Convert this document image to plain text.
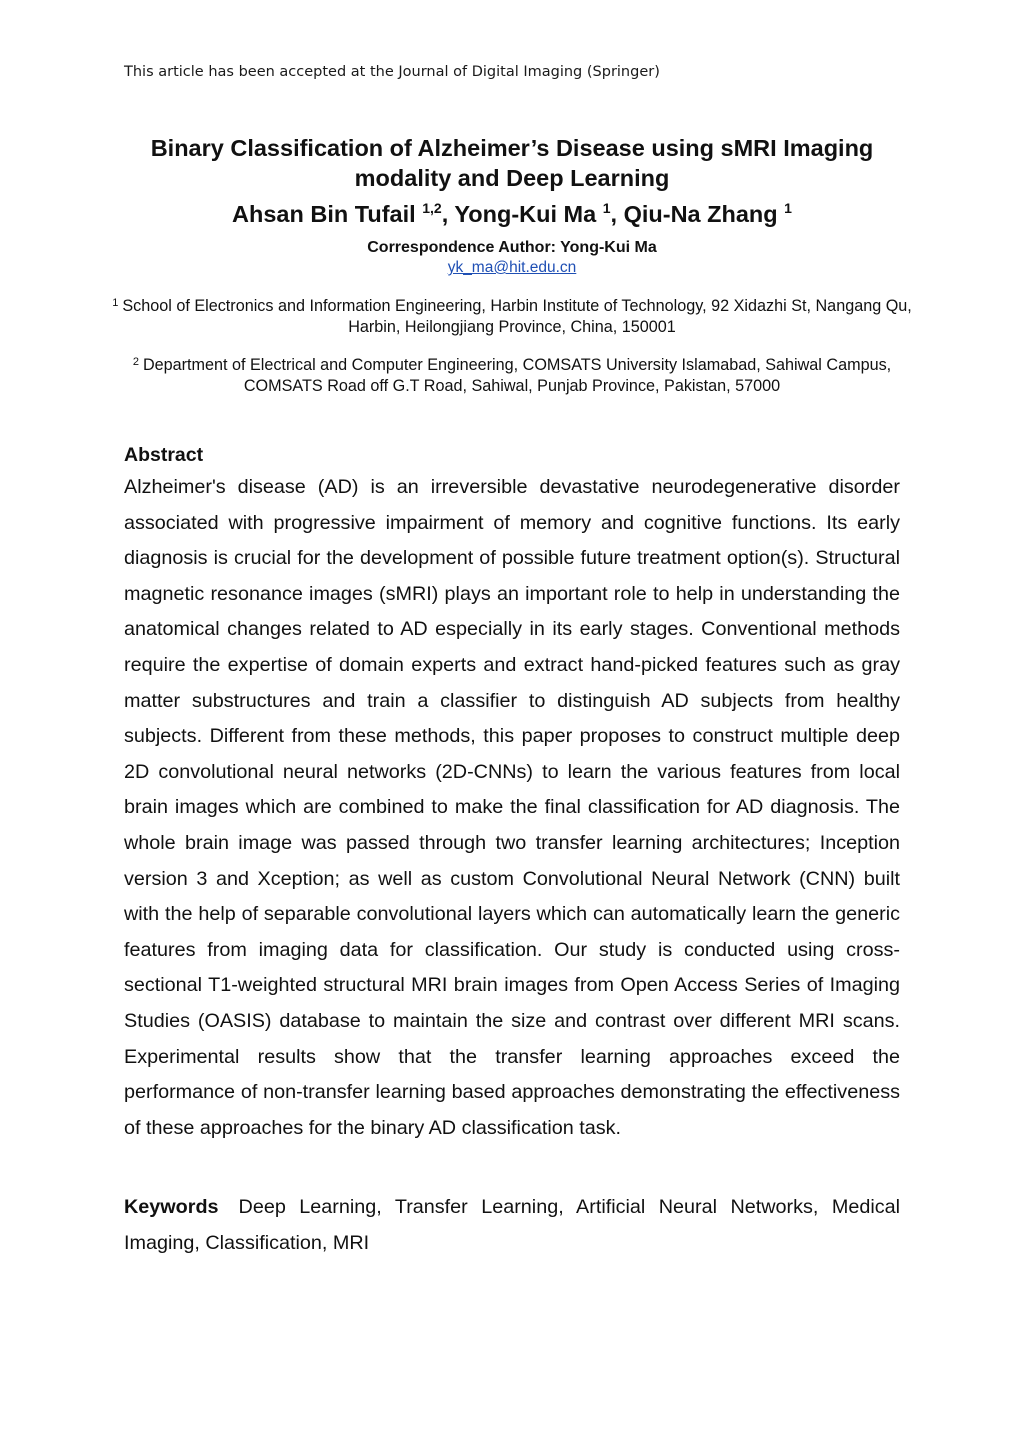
This article has been accepted at the Journal of Digital Imaging (Springer)
Binary Classification of Alzheimer’s Disease using sMRI Imaging modality and Deep Learning
Ahsan Bin Tufail $^{1,2}$, Yong-Kui Ma $^1$, Qiu-Na Zhang $^1$
Correspondence Author: Yong-Kui Ma
yk_ma@hit.edu.cn
$^1$ School of Electronics and Information Engineering, Harbin Institute of Technology, 92 Xidazhi St, Nangang Qu, Harbin, Heilongjiang Province, China, 150001
$^2$ Department of Electrical and Computer Engineering, COMSATS University Islamabad, Sahiwal Campus, COMSATS Road off G.T Road, Sahiwal, Punjab Province, Pakistan, 57000
Abstract
Alzheimer's disease (AD) is an irreversible devastative neurodegenerative disorder associated with progressive impairment of memory and cognitive functions. Its early diagnosis is crucial for the development of possible future treatment option(s). Structural magnetic resonance images (sMRI) plays an important role to help in understanding the anatomical changes related to AD especially in its early stages. Conventional methods require the expertise of domain experts and extract hand-picked features such as gray matter substructures and train a classifier to distinguish AD subjects from healthy subjects. Different from these methods, this paper proposes to construct multiple deep 2D convolutional neural networks (2D-CNNs) to learn the various features from local brain images which are combined to make the final classification for AD diagnosis. The whole brain image was passed through two transfer learning architectures; Inception version 3 and Xception; as well as custom Convolutional Neural Network (CNN) built with the help of separable convolutional layers which can automatically learn the generic features from imaging data for classification. Our study is conducted using cross-sectional T1-weighted structural MRI brain images from Open Access Series of Imaging Studies (OASIS) database to maintain the size and contrast over different MRI scans. Experimental results show that the transfer learning approaches exceed the performance of non-transfer learning based approaches demonstrating the effectiveness of these approaches for the binary AD classification task.
Keywords Deep Learning, Transfer Learning, Artificial Neural Networks, Medical Imaging, Classification, MRI
